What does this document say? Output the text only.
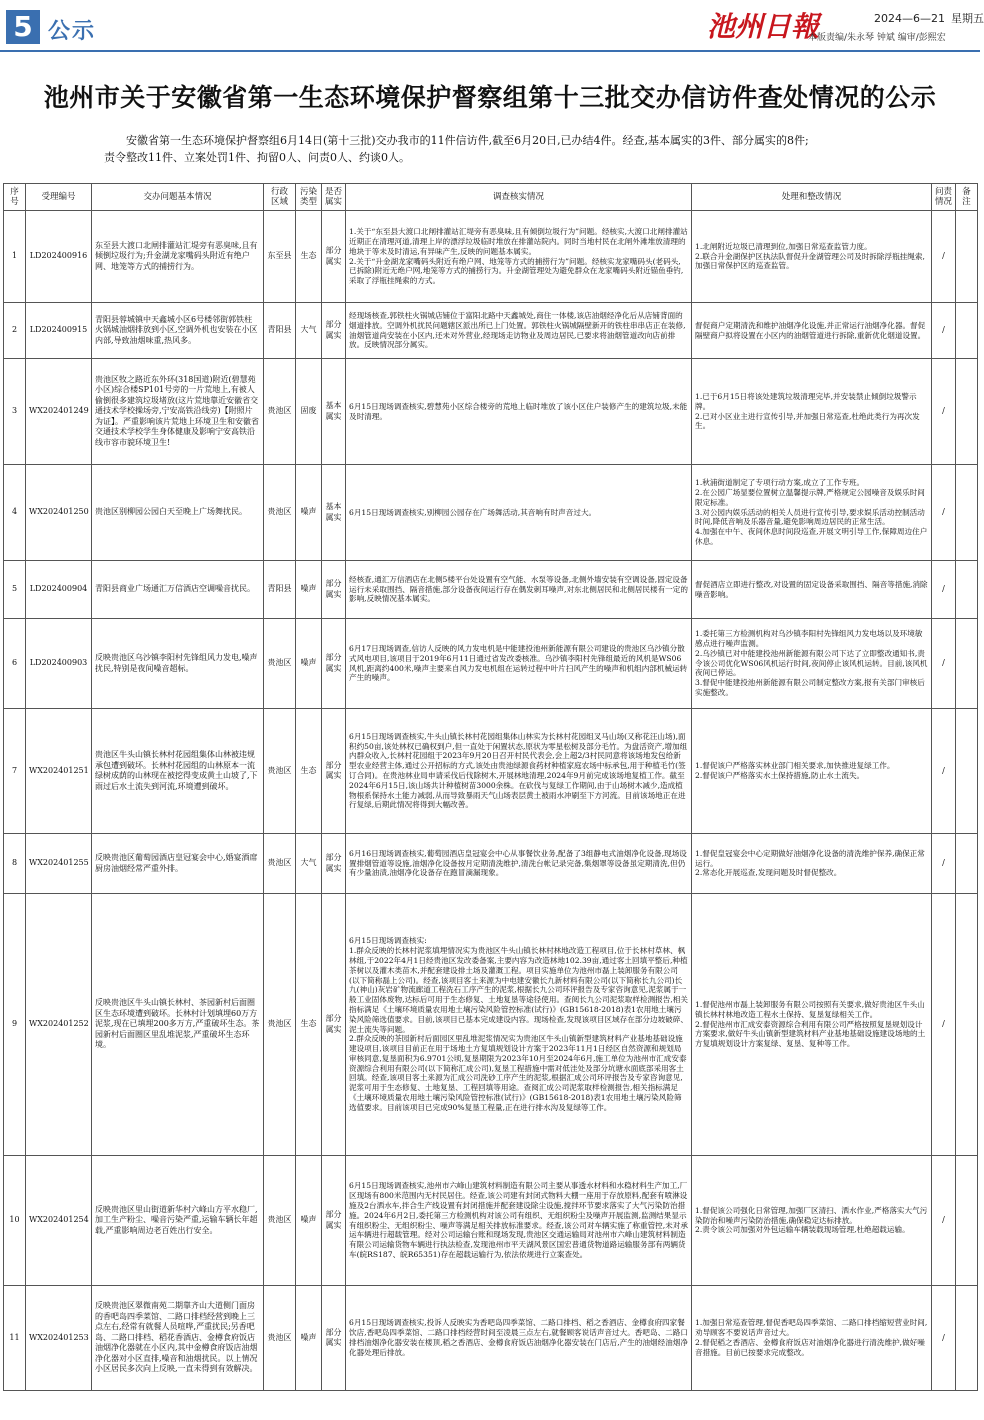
5 公示	池州日報	2024—6—21 星期五
本版责编/朱永琴 钟斌 编审/彭熙宏
池州市关于安徽省第一生态环境保护督察组第十三批交办信访件查处情况的公示

安徽省第一生态环境保护督察组6月14日(第十三批)交办我市的11件信访件,截至6月20日,已办结4件。经查,基本属实的3件、部分属实的8件;

责令整改11件、立案处罚1件、拘留0人、问责0人、约谈0人。

序号	受理编号	交办问题基本情况	行政区域	污染类型	是否属实	调查核实情况	处理和整改情况	问责情况	备注
1	LD202400916	东至县大渡口北闸排灌站汇堤旁有恶臭味,且有倾倒垃圾行为;升金湖龙家嘴码头附近有绝户网、地笼等方式的捕捞行为。	东至县	生态	部分属实	1.关于“东至县大渡口北闸排灌站汇堤旁有恶臭味,且有倾倒垃圾行为”问题。经核实,大渡口北闸排灌站近期正在清理河道,清理上岸的漂浮垃圾临时堆放在排灌站院内。同时当地村民在北闸外滩堆放清理的地块于等未及时清运,有异味产生,反映的问题基本属实。
2.关于“升金湖龙家嘴码头附近有绝户网、地笼等方式的捕捞行为”问题。经核实龙家嘴码头(老码头,已拆除)附近无绝户网,地笼等方式的捕捞行为。升金湖管理处为避免群众在龙家嘴码头附近锚鱼垂钓,采取了浮瓶挂绳索的方式。	1.北闸附近垃圾已清理到位,加强日常巡查监管力度。
2.联合升金湖保护区执法队督促升金湖管理公司及时拆除浮瓶挂绳索,加强日常保护区的巡查监管。	/	
2	LD202400915	青阳县蓉城镇中天鑫城小区6号楼邻街郭铁柱火锅城油烟排放到小区,空调外机也安装在小区内部,导致油烟味重,热风多。	青阳县	大气	部分属实	经现场核查,郭铁柱火锅城店铺位于富阳北路中天鑫城处,商住一体楼,该店油烟经净化后从店铺背面的烟道排放。空调外机扰民问题辖区派出所已上门处置。郭铁柱火锅城隔壁新开的铁柱串串店正在装修,油烟管道尚安装在小区内,还未对外营业,经现场走访物业及周边居民,已要求将油烟管道改向店前排放。反映情况部分属实。	督促商户定期清洗和维护油烟净化设施,并正常运行油烟净化器。督促隔壁商户拟将设置在小区内的油烟管道进行拆除,重新优化烟道设置。	/	
3	WX202401249	贵池区牧之路近东外环(318国道)附近(碧慧苑小区)综合楼SP101号旁的一片荒地上,有被人偷倒很多建筑垃圾堵放(这片荒地靠近安徽省交通技术学校操场旁,宁安高铁沿线旁)【附照片为证】。严重影响该片荒地上环境卫生和安徽省交通技术学校学生身体健康及影响宁安高铁沿线市容市貌环境卫生!	贵池区	固废	基本属实	6月15日现场调查核实,碧慧苑小区综合楼旁的荒地上临时堆放了该小区住户装修产生的建筑垃圾,未能及时清理。	1.已于6月15日将该处建筑垃圾清理完毕,并安装禁止倾倒垃圾警示牌。
2.已对小区业主进行宣传引导,并加强日常巡查,杜绝此类行为再次发生。	/	
4	WX202401250	贵池区别柳园公园白天至晚上广场舞扰民。	贵池区	噪声	基本属实	6月15日现场调查核实,别柳园公园存在广场舞活动,其音响有时声音过大。	1.秋浦街道制定了专项行动方案,成立了工作专班。
2.在公园广场显要位置树立温馨提示牌,严格规定公园噪音及娱乐时间限定标准。
3.对公园内娱乐活动的相关人员进行宣传引导,要求娱乐活动控制活动时间,降低音响及乐器音量,避免影响周边居民的正常生活。
4.加强在中午、夜间休息时间段巡查,开展文明引导工作,保障周边住户休息。	/	
5	LD202400904	青阳县商业广场通汇万信酒店空调噪音扰民。	青阳县	噪声	部分属实	经核查,通汇万信酒店在北侧5楼平台处设置有空气能、水泵等设备,北侧外墙安装有空调设备,固定设备运行未采取围挡、隔音措施,部分设备夜间运行存在偶发刺耳噪声,对东北侧居民和北侧居民楼有一定的影响,反映情况基本属实。	督促酒店立即进行整改,对设置的固定设备采取围挡、隔音等措施,消除噪音影响。	/	
6	LD202400903	反映贵池区乌沙镇李阳村先锋组风力发电,噪声扰民,特别是夜间噪音超标。	贵池区	噪声	部分属实	6月17日现场调查,信访人反映的风力发电机是中能建投池州新能源有限公司建设的贵池区乌沙镇分散式风电项目,该项目于2019年6月11日通过省发改委核准。乌沙镇李阳村先锋组最近的风机是WS06风机,距离约400米,噪声主要来自风力发电机组在运转过程中叶片扫风产生的噪声和机组内部机械运转产生的噪声。	1.委托第三方检测机构对乌沙镇李阳村先锋组风力发电场以及环境敏感点进行噪声监测。
2.乌沙镇已对中能建投池州新能源有限公司下达了立即整改通知书,责令该公司优化WS06风机运行时间,夜间停止该风机运转。目前,该风机夜间已停运。
3.督促中能建投池州新能源有限公司制定整改方案,报有关部门审核后实施整改。	/	
7	WX202401251	贵池区牛头山镇长林村花园组集体山林被违规承包遭到破坏。长林村花园组的山林原本一流绿树成荫的山林现在被挖得变成黄土山坡了,下雨过后水土流失到河流,环境遭到破坏。	贵池区	生态	部分属实	6月15日现场调查核实,牛头山镇长林村花园组集体山林实为长林村花园组叉马山场(又称花汪山场),面积约50亩,该处林权已确权到户,但一直处于闲置状态,原状为零星松树及部分毛竹。为盘活资产,增加组内群众收入,长林村花园组于2023年9月20日召开村民代表会,会上超2/3村民同意将该场地发包给新型农业经营主体,通过公开招标的方式,该处由贵池绿源食药材种植家庭农场中标承包,用于种植毛竹(签订合同)。在贵池林业局申请采伐后伐除树木,开展林地清理,2024年9月前完成该场地复植工作。截至2024年6月15日,该山场共计种植树苗3000余株。在砍伐与复绿工作期间,由于山场树木减少,造成植物根系保持水土能力减弱,从而导致暴雨天气山场表层黄土被雨水冲刷至下方河流。目前该场地正在进行复绿,后期此情况将得到大幅改善。	1.督促该户严格落实林业部门相关要求,加快推进复绿工作。
2.督促该户严格落实水土保持措施,防止水土流失。	/	
8	WX202401255	反映贵池区葡萄园酒店皇冠宴会中心,婚宴酒席厨房油烟经常严重外排。	贵池区	大气	部分属实	6月16日现场调查核实,葡萄园酒店皇冠宴会中心从事餐饮业务,配备了3组静电式油烟净化设备,现场设置排烟管道等设施,油烟净化设备按月定期清洗维护,清洗台帐记录完备,集烟罩等设备虽定期清洗,但仍有少量油渍,油烟净化设备存在跑冒滴漏现象。	1.督促皇冠宴会中心定期做好油烟净化设备的清洗维护保养,确保正常运行。
2.常态化开展巡查,发现问题及时督促整改。	/	
9	WX202401252	反映贵池区牛头山镇长林村、茶园新村后面圈区生态环境遭到破坏。长林村计划填埋60万方泥浆,现在已填埋200多万方,严重破坏生态。茶园新村后面圈区里乱堆泥浆,严重破坏生态环境。	贵池区	生态	部分属实	6月15日现场调查核实:
1.群众反映的长林村泥浆填埋情况实为贵池区牛头山镇长林村林地改造工程项目,位于长林村草林、枫林组,于2022年4月1日经贵池区发改委备案,主要内容为改造林地102.39亩,通过客土回填平整后,种植茶树以及灌木类苗木,并配套建设排土场及灌溉工程。项目实施单位为池州市磊上装卸服务有限公司(以下简称磊上公司)。经查,该项目客土来源为中电建安徽长九新材料有限公司(以下简称长九公司)长九(神山)灰岩矿物流廊道工程洗石工序产生的泥浆,根据长九公司环评报告及专家咨询意见,泥浆属于一般工业固体废物,达标后可用于生态修复、土地复垦等途径使用。查阅长九公司泥浆取样检测报告,相关指标满足《土壤环境质量农用地土壤污染风险管控标准(试行)》(GB15618-2018)表1农用地土壤污染风险筛选值要求。目前,该项目已基本完成建设内容。现场检查,发现该项目区域存在部分边坡破碎、泥土流失等问题。
2.群众反映的茶园新村后面园区里乱堆泥浆情况实为贵池区牛头山镇新型建筑材料产业基地基础设施建设项目,该项目目前正在用于场地土方复填规划设计方案于2023年11月1日经区自然资源和规划局审核同意,复垦面积为6.9701公顷,复垦期限为2023年10月至2024年6月,施工单位为池州市汇成安泰资源综合利用有限公司(以下简称汇成公司),复垦工程措施中需对低洼处及部分坑塘水面底部采用客土回填。经查,该项目客土来源为汇成公司洗砂工序产生的泥浆,根据汇成公司环评报告及专家咨询意见,泥浆可用于生态修复、土地复垦、工程回填等用途。查阅汇成公司泥浆取样检测报告,相关指标满足《土壤环境质量农用地土壤污染风险管控标准(试行)》(GB15618-2018)表1农用地土壤污染风险筛选值要求。目前该项目已完成90%复垦工程量,正在进行排水沟及复绿等工作。	1.督促池州市磊上装卸服务有限公司按照有关要求,做好贵池区牛头山镇长林村林地改造工程水土保持、复垦复绿相关工作。
2.督促池州市汇成安泰资源综合利用有限公司严格按照复垦规划设计方案要求,做好牛头山镇新型建筑材料产业基地基础设施建设场地的土方复填规划设计方案复绿、复垦、复种等工作。	/	
10	WX202401254	反映贵池区里山街道新华村六峰山方平水稳厂,加工生产粉尘、噪音污染严重,运输车辆长年超载,严重影响周边老百姓出行安全。	贵池区	噪声	部分属实	6月15日现场调查核实,池州市六峰山建筑材料制造有限公司主要从事透水材料和水稳材料生产加工,厂区现场有800米范围内无村民居住。经查,该公司建有封闭式物料大棚一座用于存放原料,配套有喷淋设施及2台洒水车,拌合生产线设置有封闭措施并配套建设除尘设施,搅拌环节要求落实了大气污染防治措施。2024年6月2日,委托第三方检测机构对该公司有组织、无组织粉尘及噪声开展监测,监测结果显示有组织粉尘、无组织粉尘、噪声等满足相关排放标准要求。经查,该公司对车辆实施了称重管控,未对承运车辆进行超载管理。经对公司运输台账和现场发现,贵池区交通运输局对池州市六峰山建筑材料制造有限公司运输货物车辆进行执法检查,发现池州市平天湖风景区国宏普通货物道路运输服务部有两辆货车(皖RS187、皖R65351)存在超载运输行为,依法依规进行立案查处。	1.督促该公司强化日常管理,加强厂区清扫、洒水作业,严格落实大气污染防治和噪声污染防治措施,确保稳定达标排放。
2.责令该公司加强对外包运输车辆装载现场管理,杜绝超载运输。	/	
11	WX202401253	反映贵池区翠微南苑二期靠齐山大道侧门面房的香吧岛四季菜馆、二路口排档经营到晚上三点左右,经常有就餐人员喧哗,严重扰民;另香吧岛、二路口排档、稻花香酒店、金樽食府饭店油烟净化器就在小区内,其中金樽食府饭店油烟净化器对小区直排,噪音和油烟扰民。以上情况小区居民多次向上反映,一直未得到有效解决。	贵池区	噪声	部分属实	6月15日现场调查核实,投诉人反映实为香吧岛四季菜馆、二路口排档、稻之香酒店、金樽食府四家餐饮店,香吧岛四季菜馆、二路口排档经营时间至凌晨三点左右,就餐顾客说话声音过大。香吧岛、二路口排档油烟净化器安装在楼顶,稻之香酒店、金樽食府饭店油烟净化器安装在门店后,产生的油烟经油烟净化器处理后排放。	1.加强日常巡查管理,督促香吧岛四季菜馆、二路口排档缩短营业时间,劝导顾客不要说话声音过大。
2.督促稻之香酒店、金樽食府饭店对油烟净化器进行清洗维护,做好噪音措施。目前已按要求完成整改。	/	
